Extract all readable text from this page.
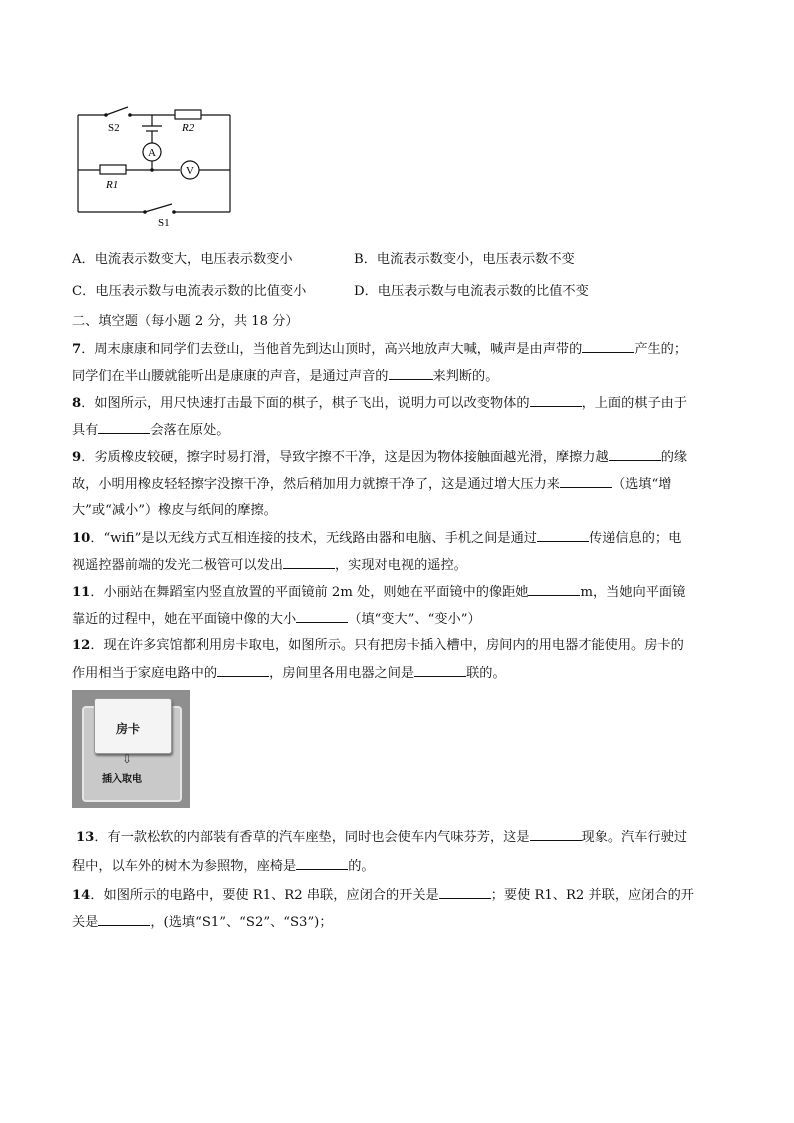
S2	R2
A
V
R1
S1
A．电流表示数变大，电压表示数变小	B．电流表示数变小，电压表示数不变
C．电压表示数与电流表示数的比值变小	D．电压表示数与电流表示数的比值不变
二、填空题（每小题 2 分，共 18 分）
7．周末康康和同学们去登山，当他首先到达山顶时，高兴地放声大喊，喊声是由声带的	产生的；
同学们在半山腰就能听出是康康的声音，是通过声音的	来判断的。
8．如图所示，用尺快速打击最下面的棋子，棋子飞出，说明力可以改变物体的	，上面的棋子由于
具有	会落在原处。
9．劣质橡皮较硬，擦字时易打滑，导致字擦不干净，这是因为物体接触面越光滑，摩擦力越	的缘
故，小明用橡皮轻轻擦字没擦干净，然后稍加用力就擦干净了，这是通过增大压力来	（选填“增
大”或“减小”）橡皮与纸间的摩擦。
10．“wifi”是以无线方式互相连接的技术，无线路由器和电脑、手机之间是通过	传递信息的；电
视遥控器前端的发光二极管可以发出	，实现对电视的遥控。
11．小丽站在舞蹈室内竖直放置的平面镜前 2m 处，则她在平面镜中的像距她	m，当她向平面镜
靠近的过程中，她在平面镜中像的大小	（填“变大”、“变小”）
12．现在许多宾馆都利用房卡取电，如图所示。只有把房卡插入槽中，房间内的用电器才能使用。房卡的
作用相当于家庭电路中的	，房间里各用电器之间是	联的。
房卡
⇩
插入取电
13．有一款松软的内部装有香草的汽车座垫，同时也会使车内气味芬芳，这是	现象。汽车行驶过
程中，以车外的树木为参照物，座椅是	的。
14．如图所示的电路中，要使 R1、R2 串联，应闭合的开关是	；要使 R1、R2 并联，应闭合的开
关是	，(选填“S1”、“S2”、“S3”)；
